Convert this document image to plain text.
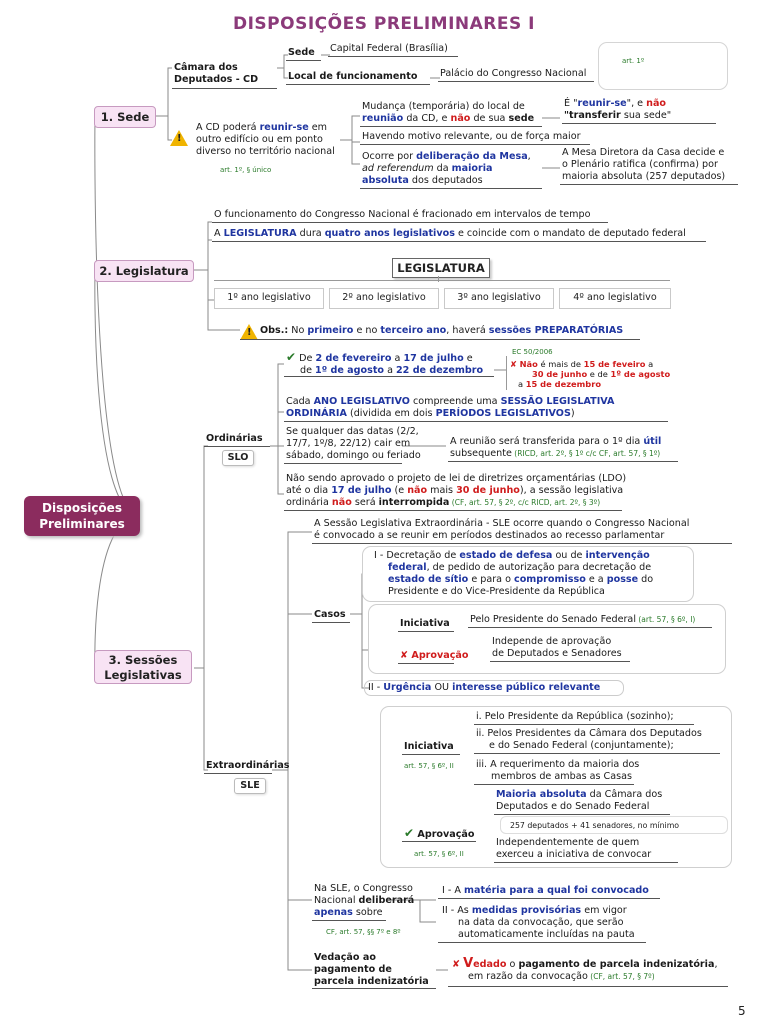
DISPOSIÇÕES PRELIMINARES I
Disposições
Preliminares
1. Sede
Câmara dos
Deputados - CD
Sede Capital Federal (Brasília)
Local de funcionamento Palácio do Congresso Nacional
art. 1º
!
A CD poderá reunir-se em
outro edifício ou em ponto
diverso no território nacional
art. 1º, § único
Mudança (temporária) do local de
reunião da CD, e não de sua sede
É "reunir-se", e não
"transferir sua sede"
Havendo motivo relevante, ou de força maior
Ocorre por deliberação da Mesa,
ad referendum da maioria
absoluta dos deputados
A Mesa Diretora da Casa decide e
o Plenário ratifica (confirma) por
maioria absoluta (257 deputados)
2. Legislatura
O funcionamento do Congresso Nacional é fracionado em intervalos de tempo
A LEGISLATURA dura quatro anos legislativos e coincide com o mandato de deputado federal
LEGISLATURA
1º ano legislativo	2º ano legislativo	3º ano legislativo	4º ano legislativo
! Obs.: No primeiro e no terceiro ano, haverá sessões PREPARATÓRIAS
3. Sessões
Legislativas
Ordinárias
SLO
✔ De 2 de fevereiro a 17 de julho e
de 1º de agosto a 22 de dezembro
EC 50/2006
✘ Não é mais de 15 de feveiro a
30 de junho e de 1º de agosto
a 15 de dezembro
Cada ANO LEGISLATIVO compreende uma SESSÃO LEGISLATIVA
ORDINÁRIA (dividida em dois PERÍODOS LEGISLATIVOS)
Se qualquer das datas (2/2,
17/7, 1º/8, 22/12) cair em
sábado, domingo ou feriado
A reunião será transferida para o 1º dia útil
subsequente (RICD, art. 2º, § 1º c/c CF, art. 57, § 1º)
Não sendo aprovado o projeto de lei de diretrizes orçamentárias (LDO)
até o dia 17 de julho (e não mais 30 de junho), a sessão legislativa
ordinária não será interrompida (CF, art. 57, § 2º, c/c RICD, art. 2º, § 3º)
A Sessão Legislativa Extraordinária - SLE ocorre quando o Congresso Nacional
é convocado a se reunir em períodos destinados ao recesso parlamentar
Casos
I - Decretação de estado de defesa ou de intervenção
federal, de pedido de autorização para decretação de
estado de sítio e para o compromisso e a posse do
Presidente e do Vice-Presidente da República
Iniciativa Pelo Presidente do Senado Federal (art. 57, § 6º, I)
✘ Aprovação
Independe de aprovação
de Deputados e Senadores
II - Urgência OU interesse público relevante
Extraordinárias
SLE
Iniciativa
art. 57, § 6º, II
i. Pelo Presidente da República (sozinho);
ii. Pelos Presidentes da Câmara dos Deputados
e do Senado Federal (conjuntamente);
iii. A requerimento da maioria dos
membros de ambas as Casas
✔ Aprovação
art. 57, § 6º, II
Maioria absoluta da Câmara dos
Deputados e do Senado Federal
257 deputados + 41 senadores, no mínimo
Independentemente de quem
exerceu a iniciativa de convocar
Na SLE, o Congresso
Nacional deliberará
apenas sobre
CF, art. 57, §§ 7º e 8º
I - A matéria para a qual foi convocado
II - As medidas provisórias em vigor
na data da convocação, que serão
automaticamente incluídas na pauta
Vedação ao
pagamento de
parcela indenizatória
✘ Vedado o pagamento de parcela indenizatória,
em razão da convocação (CF, art. 57, § 7º)
5
